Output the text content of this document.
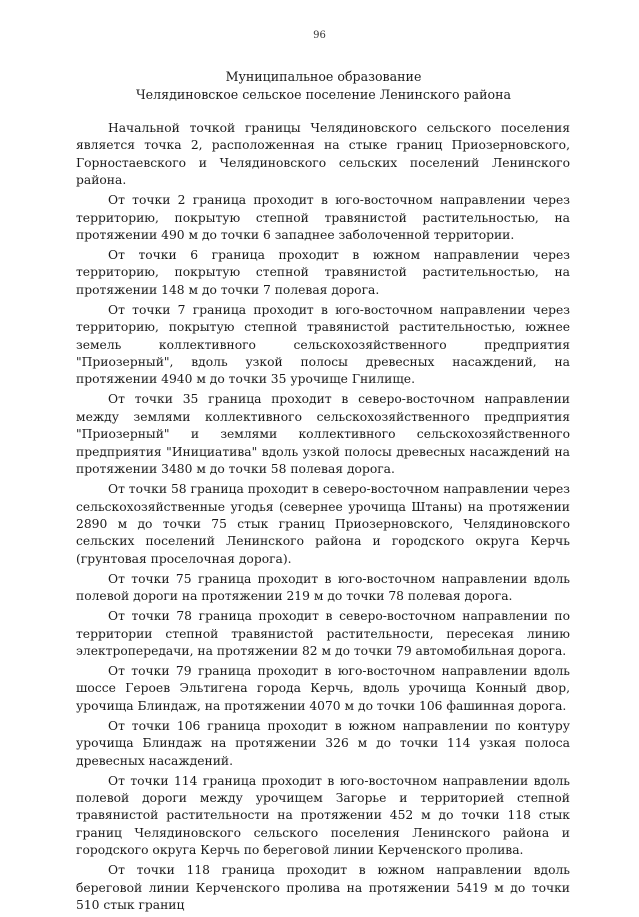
96
Муниципальное образование
Челядиновское сельское поселение Ленинского района

Начальной точкой границы Челядиновского сельского поселения является точка 2, расположенная на стыке границ Приозерновского, Горностаевского и Челядиновского сельских поселений Ленинского района.

От точки 2 граница проходит в юго-восточном направлении через территорию, покрытую степной травянистой растительностью, на протяжении 490 м до точки 6 западнее заболоченной территории.

От точки 6 граница проходит в южном направлении через территорию, покрытую степной травянистой растительностью, на протяжении 148 м до точки 7 полевая дорога.

От точки 7 граница проходит в юго-восточном направлении через территорию, покрытую степной травянистой растительностью, южнее земель коллективного сельскохозяйственного предприятия "Приозерный", вдоль узкой полосы древесных насаждений, на протяжении 4940 м до точки 35 урочище Гнилище.

От точки 35 граница проходит в северо-восточном направлении между землями коллективного сельскохозяйственного предприятия "Приозерный" и землями коллективного сельскохозяйственного предприятия "Инициатива" вдоль узкой полосы древесных насаждений на протяжении 3480 м до точки 58 полевая дорога.

От точки 58 граница проходит в северо-восточном направлении через сельскохозяйственные угодья (севернее урочища Штаны) на протяжении 2890 м до точки 75 стык границ Приозерновского, Челядиновского сельских поселений Ленинского района и городского округа Керчь (грунтовая проселочная дорога).

От точки 75 граница проходит в юго-восточном направлении вдоль полевой дороги на протяжении 219 м до точки 78 полевая дорога.

От точки 78 граница проходит в северо-восточном направлении по территории степной травянистой растительности, пересекая линию электропередачи, на протяжении 82 м до точки 79 автомобильная дорога.

От точки 79 граница проходит в юго-восточном направлении вдоль шоссе Героев Эльтигена города Керчь, вдоль урочища Конный двор, урочища Блиндаж, на протяжении 4070 м до точки 106 фашинная дорога.

От точки 106 граница проходит в южном направлении по контуру урочища Блиндаж на протяжении 326 м до точки 114 узкая полоса древесных насаждений.

От точки 114 граница проходит в юго-восточном направлении вдоль полевой дороги между урочищем Загорье и территорией степной травянистой растительности на протяжении 452 м до точки 118 стык границ Челядиновского сельского поселения Ленинского района и городского округа Керчь по береговой линии Керченского пролива.

От точки 118 граница проходит в южном направлении вдоль береговой линии Керченского пролива на протяжении 5419 м до точки 510 стык границ
